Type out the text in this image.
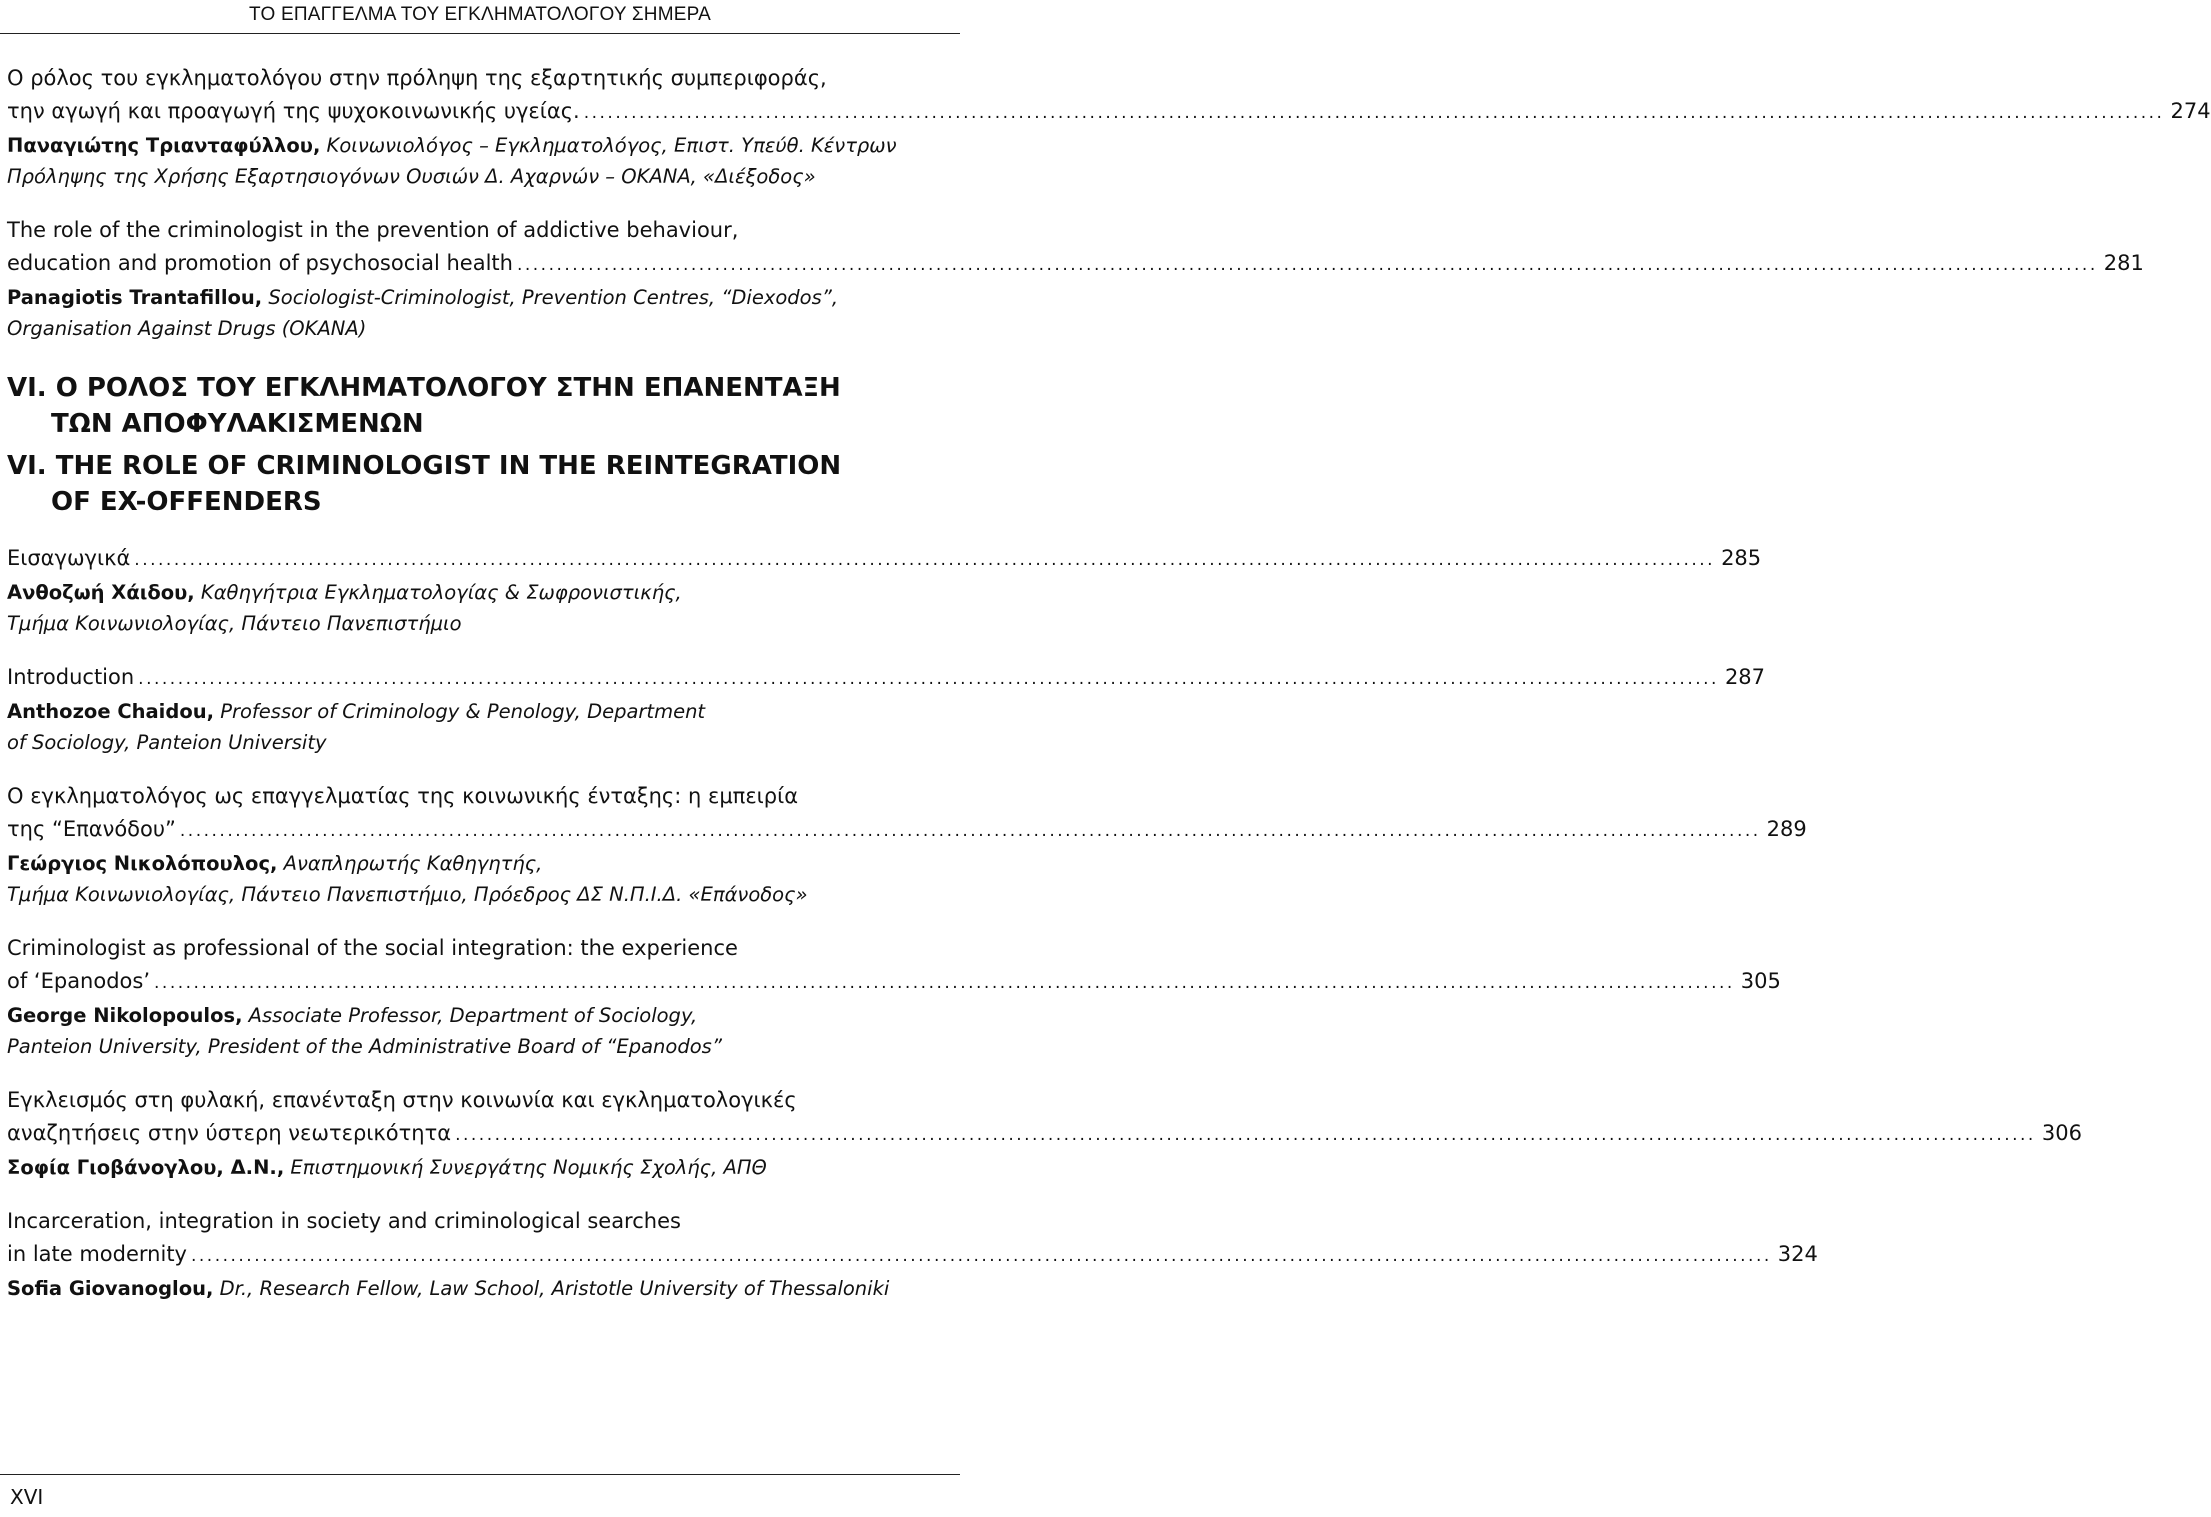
ΤΟ ΕΠΑΓΓΕΛΜΑ ΤΟΥ ΕΓΚΛΗΜΑΤΟΛΟΓΟΥ ΣΗΜΕΡΑ
Ο ρόλος του εγκληματολόγου στην πρόληψη της εξαρτητικής συμπεριφοράς,
την αγωγή και προαγωγή της ψυχοκοινωνικής υγείας. ........................................................................................................................................................................................................ 274
Παναγιώτης Τριανταφύλλου, Κοινωνιολόγος – Εγκληματολόγος, Επιστ. Υπεύθ. Κέντρων
Πρόληψης της Χρήσης Εξαρτησιογόνων Ουσιών Δ. Αχαρνών – ΟΚΑΝΑ, «Διέξοδος»
The role of the criminologist in the prevention of addictive behaviour,
education and promotion of psychosocial health ........................................................................................................................................................................................................ 281
Panagiotis Trantafillou, Sociologist-Criminologist, Prevention Centres, “Diexodos”,
Organisation Against Drugs (OKANA)
VI. Ο ΡΟΛΟΣ ΤΟΥ ΕΓΚΛΗΜΑΤΟΛΟΓΟΥ ΣΤΗΝ ΕΠΑΝΕΝΤΑΞΗ
ΤΩΝ ΑΠΟΦΥΛΑΚΙΣΜΕΝΩΝ
VI. THE ROLE OF CRIMINOLOGIST IN THE REINTEGRATION
OF EX-OFFENDERS
Εισαγωγικά ........................................................................................................................................................................................................ 285
Ανθοζωή Χάιδου, Καθηγήτρια Εγκληματολογίας & Σωφρονιστικής,
Τμήμα Κοινωνιολογίας, Πάντειο Πανεπιστήμιο
Introduction ........................................................................................................................................................................................................ 287
Anthozoe Chaidou, Professor of Criminology & Penology, Department
of Sociology, Panteion University
Ο εγκληματολόγος ως επαγγελματίας της κοινωνικής ένταξης: η εμπειρία
της “Επανόδου” ........................................................................................................................................................................................................ 289
Γεώργιος Νικολόπουλος, Αναπληρωτής Καθηγητής,
Τμήμα Κοινωνιολογίας, Πάντειο Πανεπιστήμιο, Πρόεδρος ΔΣ Ν.Π.Ι.Δ. «Επάνοδος»
Criminologist as professional of the social integration: the experience
of ‘Epanodos’ ........................................................................................................................................................................................................ 305
George Nikolopoulos, Associate Professor, Department of Sociology,
Panteion University, President of the Administrative Board of “Epanodos”
Εγκλεισμός στη φυλακή, επανένταξη στην κοινωνία και εγκληματολογικές
αναζητήσεις στην ύστερη νεωτερικότητα ........................................................................................................................................................................................................ 306
Σοφία Γιοβάνογλου, Δ.Ν., Επιστημονική Συνεργάτης Νομικής Σχολής, ΑΠΘ
Incarceration, integration in society and criminological searches
in late modernity ........................................................................................................................................................................................................ 324
Sofia Giovanoglou, Dr., Research Fellow, Law School, Aristotle University of Thessaloniki
XVI
